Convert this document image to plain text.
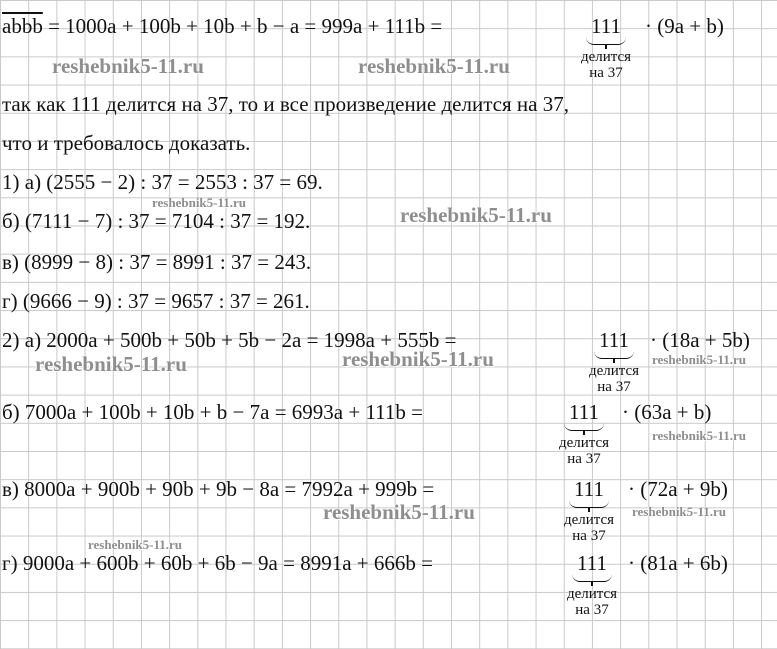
abbb = 1000a + 100b + 10b + b − a = 999a + 111b =	111
делится
на 37
· (9a + b)
так как 111 делится на 37, то и все произведение делится на 37,
что и требовалось доказать.
1) а) (2555 − 2) : 37 = 2553 : 37 = 69.
б) (7111 − 7) : 37 = 7104 : 37 = 192.
в) (8999 − 8) : 37 = 8991 : 37 = 243.
г) (9666 − 9) : 37 = 9657 : 37 = 261.
2) а) 2000a + 500b + 50b + 5b − 2a = 1998a + 555b =	111
делится
на 37
· (18a + 5b)
б) 7000a + 100b + 10b + b − 7a = 6993a + 111b =	111
делится
на 37
· (63a + b)
в) 8000a + 900b + 90b + 9b − 8a = 7992a + 999b =	111
делится
на 37
· (72a + 9b)
г) 9000a + 600b + 60b + 6b − 9a = 8991a + 666b =	111
делится
на 37
· (81a + 6b)
reshebnik5-11.ru	reshebnik5-11.ru
reshebnik5-11.ru
reshebnik5-11.ru
reshebnik5-11.ru	reshebnik5-11.ru	reshebnik5-11.ru
reshebnik5-11.ru
reshebnik5-11.ru	reshebnik5-11.ru
reshebnik5-11.ru
